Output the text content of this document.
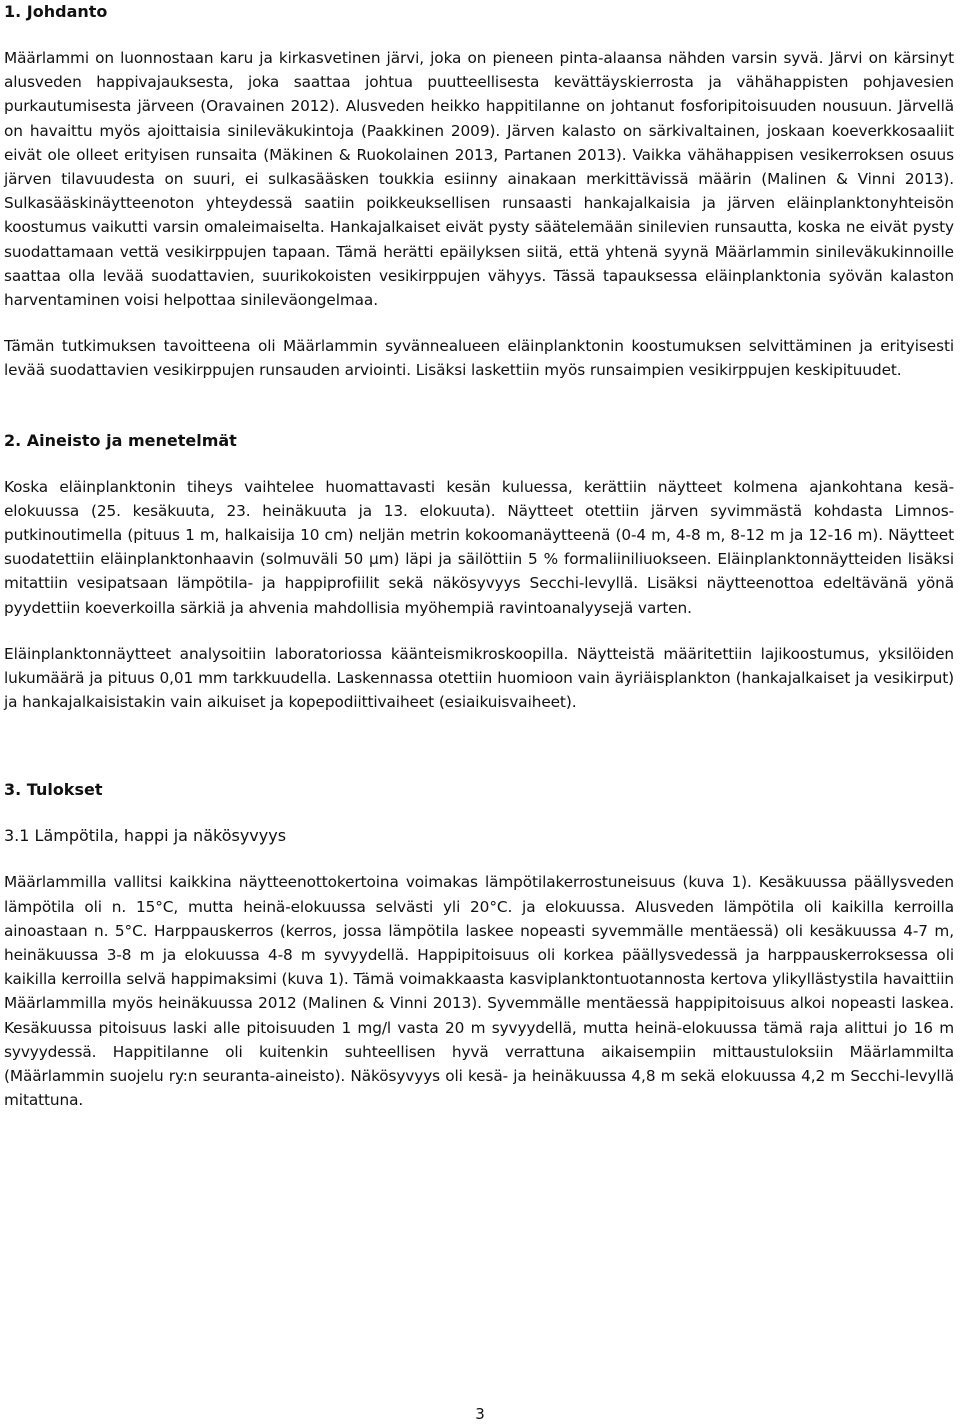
1. Johdanto

Määrlammi on luonnostaan karu ja kirkasvetinen järvi, joka on pieneen pinta-alaansa nähden varsin syvä. Järvi on kärsinyt alusveden happivajauksesta, joka saattaa johtua puutteellisesta kevättäyskierrosta ja vähähappisten pohjavesien purkautumisesta järveen (Oravainen 2012). Alusveden heikko happitilanne on johtanut fosforipitoisuuden nousuun. Järvellä on havaittu myös ajoittaisia sinileväkukintoja (Paakkinen 2009). Järven kalasto on särkivaltainen, joskaan koeverkkosaaliit eivät ole olleet erityisen runsaita (Mäkinen & Ruokolainen 2013, Partanen 2013). Vaikka vähähappisen vesikerroksen osuus järven tilavuudesta on suuri, ei sulkasääsken toukkia esiinny ainakaan merkittävissä määrin (Malinen & Vinni 2013). Sulkasääskinäytteenoton yhteydessä saatiin poikkeuksellisen runsaasti hankajalkaisia ja järven eläinplanktonyhteisön koostumus vaikutti varsin omaleimaiselta. Hankajalkaiset eivät pysty säätelemään sinilevien runsautta, koska ne eivät pysty suodattamaan vettä vesikirppujen tapaan. Tämä herätti epäilyksen siitä, että yhtenä syynä Määrlammin sinileväkukinnoille saattaa olla levää suodattavien, suurikokoisten vesikirppujen vähyys. Tässä tapauksessa eläinplanktonia syövän kalaston harventaminen voisi helpottaa sinileväongelmaa.

Tämän tutkimuksen tavoitteena oli Määrlammin syvännealueen eläinplanktonin koostumuksen selvittäminen ja erityisesti levää suodattavien vesikirppujen runsauden arviointi. Lisäksi laskettiin myös runsaimpien vesikirppujen keskipituudet.

2. Aineisto ja menetelmät

Koska eläinplanktonin tiheys vaihtelee huomattavasti kesän kuluessa, kerättiin näytteet kolmena ajankohtana kesä-elokuussa (25. kesäkuuta, 23. heinäkuuta ja 13. elokuuta). Näytteet otettiin järven syvimmästä kohdasta Limnos-putkinoutimella (pituus 1 m, halkaisija 10 cm) neljän metrin kokoomanäytteenä (0-4 m, 4-8 m, 8-12 m ja 12-16 m). Näytteet suodatettiin eläinplanktonhaavin (solmuväli 50 µm) läpi ja säilöttiin 5 % formaliiniliuokseen. Eläinplanktonnäytteiden lisäksi mitattiin vesipatsaan lämpötila- ja happiprofiilit sekä näkösyvyys Secchi-levyllä. Lisäksi näytteenottoa edeltävänä yönä pyydettiin koeverkoilla särkiä ja ahvenia mahdollisia myöhempiä ravintoanalyysejä varten.

Eläinplanktonnäytteet analysoitiin laboratoriossa käänteismikroskoopilla. Näytteistä määritettiin lajikoostumus, yksilöiden lukumäärä ja pituus 0,01 mm tarkkuudella. Laskennassa otettiin huomioon vain äyriäisplankton (hankajalkaiset ja vesikirput) ja hankajalkaisistakin vain aikuiset ja kopepodiittivaiheet (esiaikuisvaiheet).

3. Tulokset
3.1 Lämpötila, happi ja näkösyvyys

Määrlammilla vallitsi kaikkina näytteenottokertoina voimakas lämpötilakerrostuneisuus (kuva 1). Kesäkuussa päällysveden lämpötila oli n. 15°C, mutta heinä-elokuussa selvästi yli 20°C. ja elokuussa. Alusveden lämpötila oli kaikilla kerroilla ainoastaan n. 5°C. Harppauskerros (kerros, jossa lämpötila laskee nopeasti syvemmälle mentäessä) oli kesäkuussa 4-7 m, heinäkuussa 3-8 m ja elokuussa 4-8 m syvyydellä. Happipitoisuus oli korkea päällysvedessä ja harppauskerroksessa oli kaikilla kerroilla selvä happimaksimi (kuva 1). Tämä voimakkaasta kasviplanktontuotannosta kertova ylikyllästystila havaittiin Määrlammilla myös heinäkuussa 2012 (Malinen & Vinni 2013). Syvemmälle mentäessä happipitoisuus alkoi nopeasti laskea. Kesäkuussa pitoisuus laski alle pitoisuuden 1 mg/l vasta 20 m syvyydellä, mutta heinä-elokuussa tämä raja alittui jo 16 m syvyydessä. Happitilanne oli kuitenkin suhteellisen hyvä verrattuna aikaisempiin mittaustuloksiin Määrlammilta (Määrlammin suojelu ry:n seuranta-aineisto). Näkösyvyys oli kesä- ja heinäkuussa 4,8 m sekä elokuussa 4,2 m Secchi-levyllä mitattuna.

3
